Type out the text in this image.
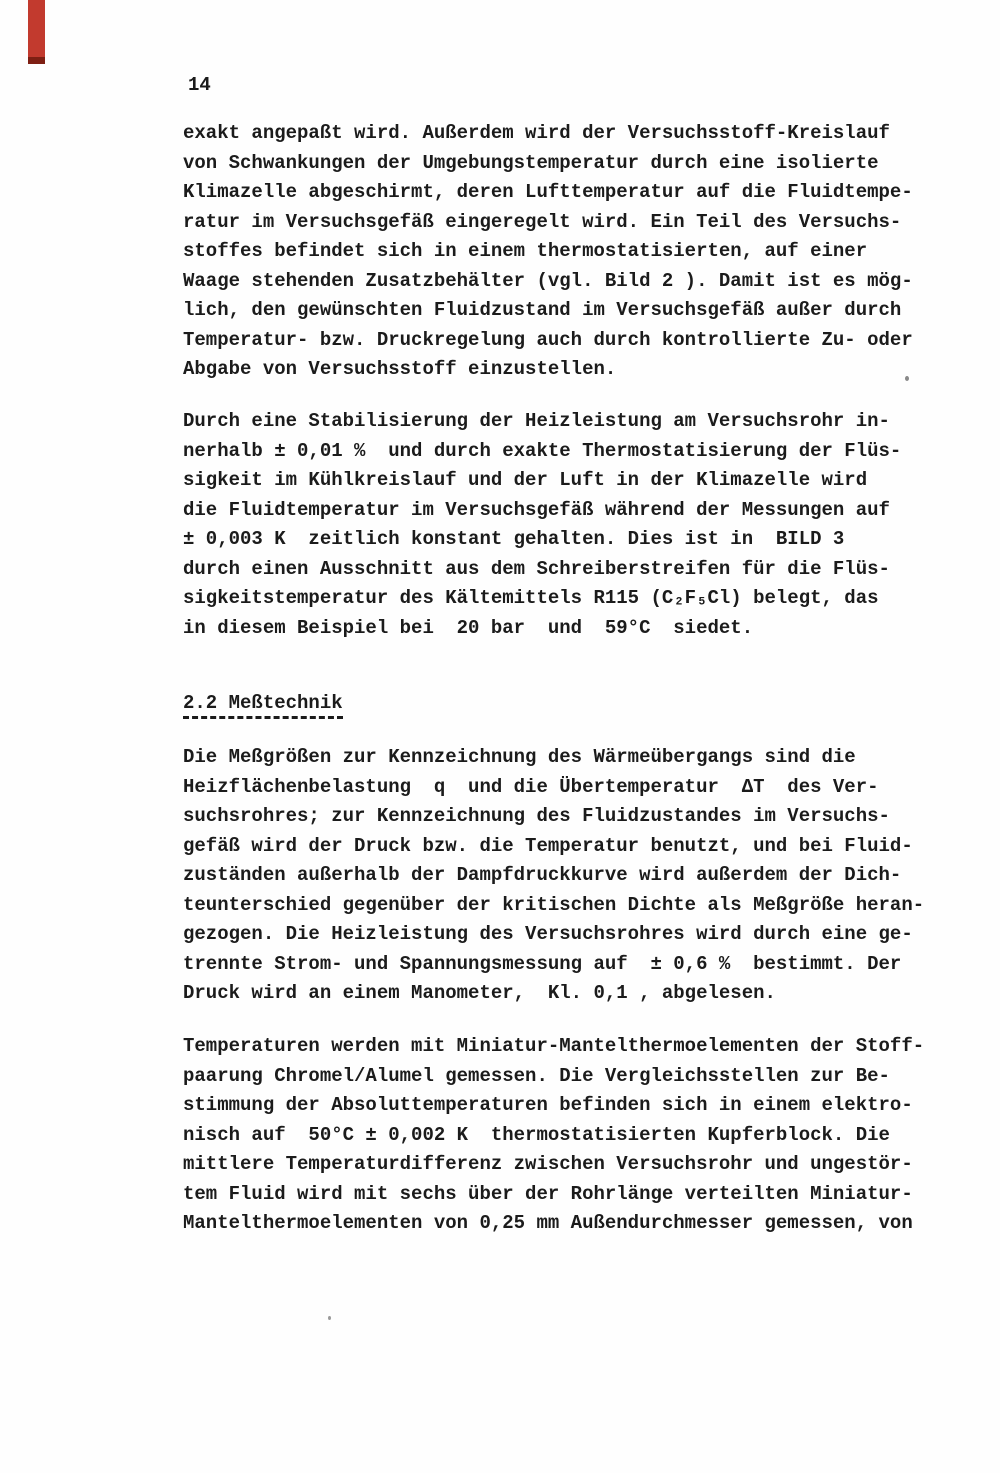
14
exakt angepaßt wird. Außerdem wird der Versuchsstoff-Kreislauf
von Schwankungen der Umgebungstemperatur durch eine isolierte
Klimazelle abgeschirmt, deren Lufttemperatur auf die Fluidtempe-
ratur im Versuchsgefäß eingeregelt wird. Ein Teil des Versuchs-
stoffes befindet sich in einem thermostatisierten, auf einer
Waage stehenden Zusatzbehälter (vgl. Bild 2 ). Damit ist es mög-
lich, den gewünschten Fluidzustand im Versuchsgefäß außer durch
Temperatur- bzw. Druckregelung auch durch kontrollierte Zu- oder
Abgabe von Versuchsstoff einzustellen.
Durch eine Stabilisierung der Heizleistung am Versuchsrohr in-
nerhalb ± 0,01 %  und durch exakte Thermostatisierung der Flüs-
sigkeit im Kühlkreislauf und der Luft in der Klimazelle wird
die Fluidtemperatur im Versuchsgefäß während der Messungen auf
± 0,003 K  zeitlich konstant gehalten. Dies ist in  BILD 3
durch einen Ausschnitt aus dem Schreiberstreifen für die Flüs-
sigkeitstemperatur des Kältemittels R115 (C₂F₅Cl) belegt, das
in diesem Beispiel bei  20 bar  und  59°C  siedet.
2.2 Meßtechnik
Die Meßgrößen zur Kennzeichnung des Wärmeübergangs sind die
Heizflächenbelastung  q  und die Übertemperatur  ΔT  des Ver-
suchsrohres; zur Kennzeichnung des Fluidzustandes im Versuchs-
gefäß wird der Druck bzw. die Temperatur benutzt, und bei Fluid-
zuständen außerhalb der Dampfdruckkurve wird außerdem der Dich-
teunterschied gegenüber der kritischen Dichte als Meßgröße heran-
gezogen. Die Heizleistung des Versuchsrohres wird durch eine ge-
trennte Strom- und Spannungsmessung auf  ± 0,6 %  bestimmt. Der
Druck wird an einem Manometer,  Kl. 0,1 , abgelesen.
Temperaturen werden mit Miniatur-Mantelthermoelementen der Stoff-
paarung Chromel/Alumel gemessen. Die Vergleichsstellen zur Be-
stimmung der Absoluttemperaturen befinden sich in einem elektro-
nisch auf  50°C ± 0,002 K  thermostatisierten Kupferblock. Die
mittlere Temperaturdifferenz zwischen Versuchsrohr und ungestör-
tem Fluid wird mit sechs über der Rohrlänge verteilten Miniatur-
Mantelthermoelementen von 0,25 mm Außendurchmesser gemessen, von
